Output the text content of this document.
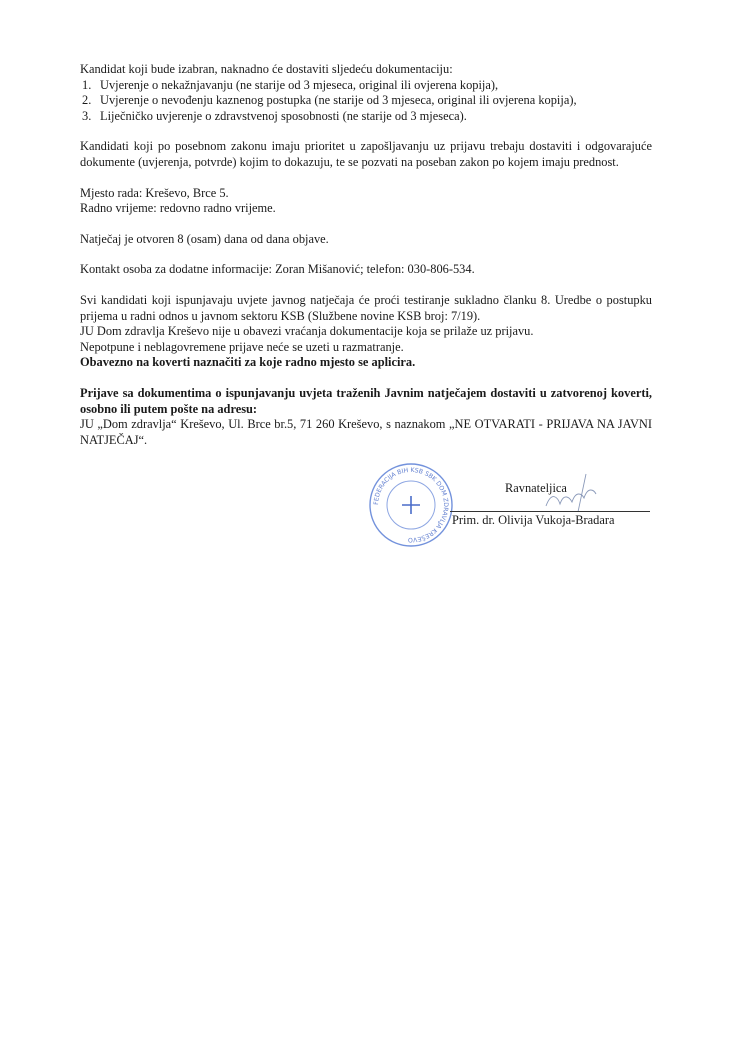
Kandidat koji bude izabran, naknadno će dostaviti sljedeću dokumentaciju:

1. Uvjerenje o nekažnjavanju (ne starije od 3 mjeseca, original ili ovjerena kopija),
2. Uvjerenje o nevođenju kaznenog postupka (ne starije od 3 mjeseca, original ili ovjerena kopija),
3. Liječničko uvjerenje o zdravstvenoj sposobnosti (ne starije od 3 mjeseca).

Kandidati koji po posebnom zakonu imaju prioritet u zapošljavanju uz prijavu trebaju dostaviti i odgovarajuće dokumente (uvjerenja, potvrde) kojim to dokazuju, te se pozvati na poseban zakon po kojem imaju prednost.

Mjesto rada: Kreševo, Brce 5.

Radno vrijeme: redovno radno vrijeme.

Natječaj je otvoren 8 (osam) dana od dana objave.

Kontakt osoba za dodatne informacije: Zoran Mišanović; telefon: 030-806-534.

Svi kandidati koji ispunjavaju uvjete javnog natječaja će proći testiranje sukladno članku 8. Uredbe o postupku prijema u radni odnos u javnom sektoru KSB (Službene novine KSB broj: 7/19).

JU Dom zdravlja Kreševo nije u obavezi vraćanja dokumentacije koja se prilaže uz prijavu.

Nepotpune i neblagovremene prijave neće se uzeti u razmatranje.

Obavezno na koverti naznačiti za koje radno mjesto se aplicira.

Prijave sa dokumentima o ispunjavanju uvjeta traženih Javnim natječajem dostaviti u zatvorenoj koverti, osobno ili putem pošte na adresu:

JU „Dom zdravlja“ Kreševo, Ul. Brce br.5, 71 260 Kreševo, s naznakom „NE OTVARATI - PRIJAVA NA JAVNI NATJEČAJ“.

FEDERACIJA BIH KSB SBK DOM ZDRAVLJA KREŠEVO
Ravnateljica
Prim. dr. Olivija Vukoja-Bradara
